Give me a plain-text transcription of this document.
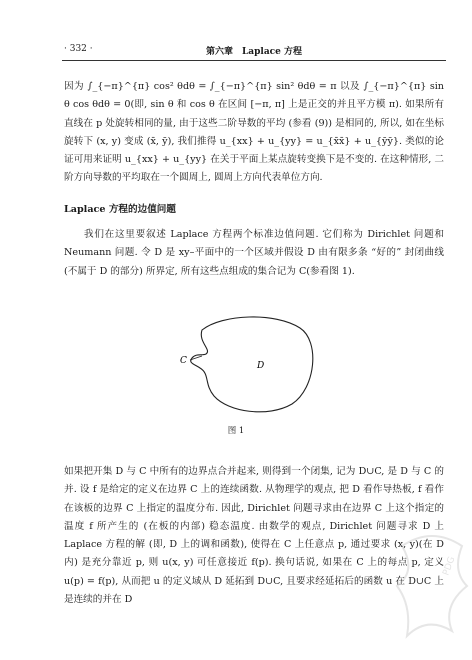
· 332 ·	第六章　Laplace 方程
因为 ∫_{−π}^{π} cos² θdθ = ∫_{−π}^{π} sin² θdθ = π 以及 ∫_{−π}^{π} sin θ cos θdθ = 0(即, sin θ 和 cos θ 在区间 [−π, π] 上是正交的并且平方模 π). 如果所有直线在 p 处旋转相同的量, 由于这些二阶导数的平均 (参看 (9)) 是相同的, 所以, 如在坐标旋转下 (x, y) 变成 (x̄, ȳ), 我们推得 u_{xx} + u_{yy} = u_{x̄x̄} + u_{ȳȳ}. 类似的论证可用来证明 u_{xx} + u_{yy} 在关于平面上某点旋转变换下是不变的. 在这种情形, 二阶方向导数的平均取在一个圆周上, 圆周上方向代表单位方向.
Laplace 方程的边值问题
我们在这里要叙述 Laplace 方程两个标准边值问题. 它们称为 Dirichlet 问题和 Neumann 问题. 令 D 是 xy–平面中的一个区域并假设 D 由有限多条 “好的” 封闭曲线 (不属于 D 的部分) 所界定, 所有这些点组成的集合记为 C(参看图 1).
C	D
图 1
如果把开集 D 与 C 中所有的边界点合并起来, 则得到一个闭集, 记为 D∪C, 是 D 与 C 的并. 设 f 是给定的定义在边界 C 上的连续函数. 从物理学的观点, 把 D 看作导热板, f 看作在该板的边界 C 上指定的温度分布. 因此, Dirichlet 问题寻求由在边界 C 上这个指定的温度 f 所产生的 (在板的内部) 稳态温度. 由数学的观点, Dirichlet 问题寻求 D 上 Laplace 方程的解 (即, D 上的调和函数), 使得在 C 上任意点 p, 通过要求 (x, y)(在 D 内) 是充分靠近 p, 则 u(x, y) 可任意接近 f(p). 换句话说, 如果在 C 上的每点 p, 定义 u(p) = f(p), 从而把 u 的定义域从 D 延拓到 D∪C, 且要求经延拓后的函数 u 在 D∪C 上是连续的并在 D
PDG
